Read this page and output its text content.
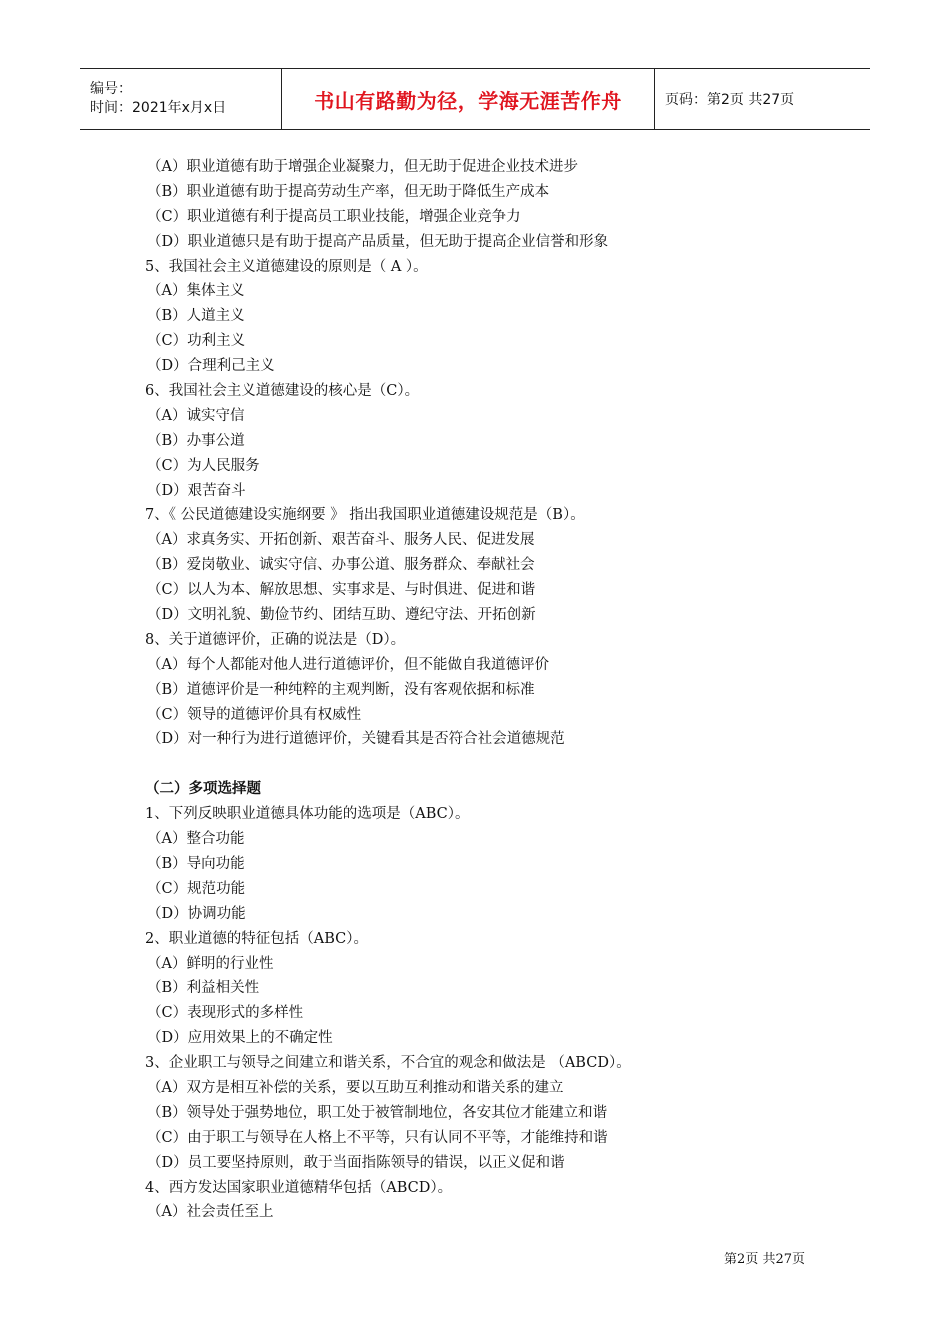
编号：
时间：2021年x月x日	书山有路勤为径，学海无涯苦作舟	页码：第2页 共27页
（A）职业道德有助于增强企业凝聚力，但无助于促进企业技术进步
（B）职业道德有助于提高劳动生产率，但无助于降低生产成本
（C）职业道德有利于提高员工职业技能，增强企业竞争力
（D）职业道德只是有助于提高产品质量，但无助于提高企业信誉和形象
5、我国社会主义道德建设的原则是（ A ）。
（A）集体主义
（B）人道主义
（C）功利主义
（D）合理利己主义
6、我国社会主义道德建设的核心是（C）。
（A）诚实守信
（B）办事公道
（C）为人民服务
（D）艰苦奋斗
7、《 公民道德建设实施纲要 》 指出我国职业道德建设规范是（B）。
（A）求真务实、开拓创新、艰苦奋斗、服务人民、促进发展
（B）爱岗敬业、诚实守信、办事公道、服务群众、奉献社会
（C）以人为本、解放思想、实事求是、与时俱进、促进和谐
（D）文明礼貌、勤俭节约、团结互助、遵纪守法、开拓创新
8、关于道德评价，正确的说法是（D）。
（A）每个人都能对他人进行道德评价，但不能做自我道德评价
（B）道德评价是一种纯粹的主观判断，没有客观依据和标准
（C）领导的道德评价具有权威性
（D）对一种行为进行道德评价，关键看其是否符合社会道德规范
（二）多项选择题
1、下列反映职业道德具体功能的选项是（ABC）。
（A）整合功能
（B）导向功能
（C）规范功能
（D）协调功能
2、职业道德的特征包括（ABC）。
（A）鲜明的行业性
（B）利益相关性
（C）表现形式的多样性
（D）应用效果上的不确定性
3、企业职工与领导之间建立和谐关系，不合宜的观念和做法是 （ABCD）。
（A）双方是相互补偿的关系，要以互助互利推动和谐关系的建立
（B）领导处于强势地位，职工处于被管制地位，各安其位才能建立和谐
（C）由于职工与领导在人格上不平等，只有认同不平等，才能维持和谐
（D）员工要坚持原则，敢于当面指陈领导的错误，以正义促和谐
4、西方发达国家职业道德精华包括（ABCD）。
（A）社会责任至上
第2页 共27页
